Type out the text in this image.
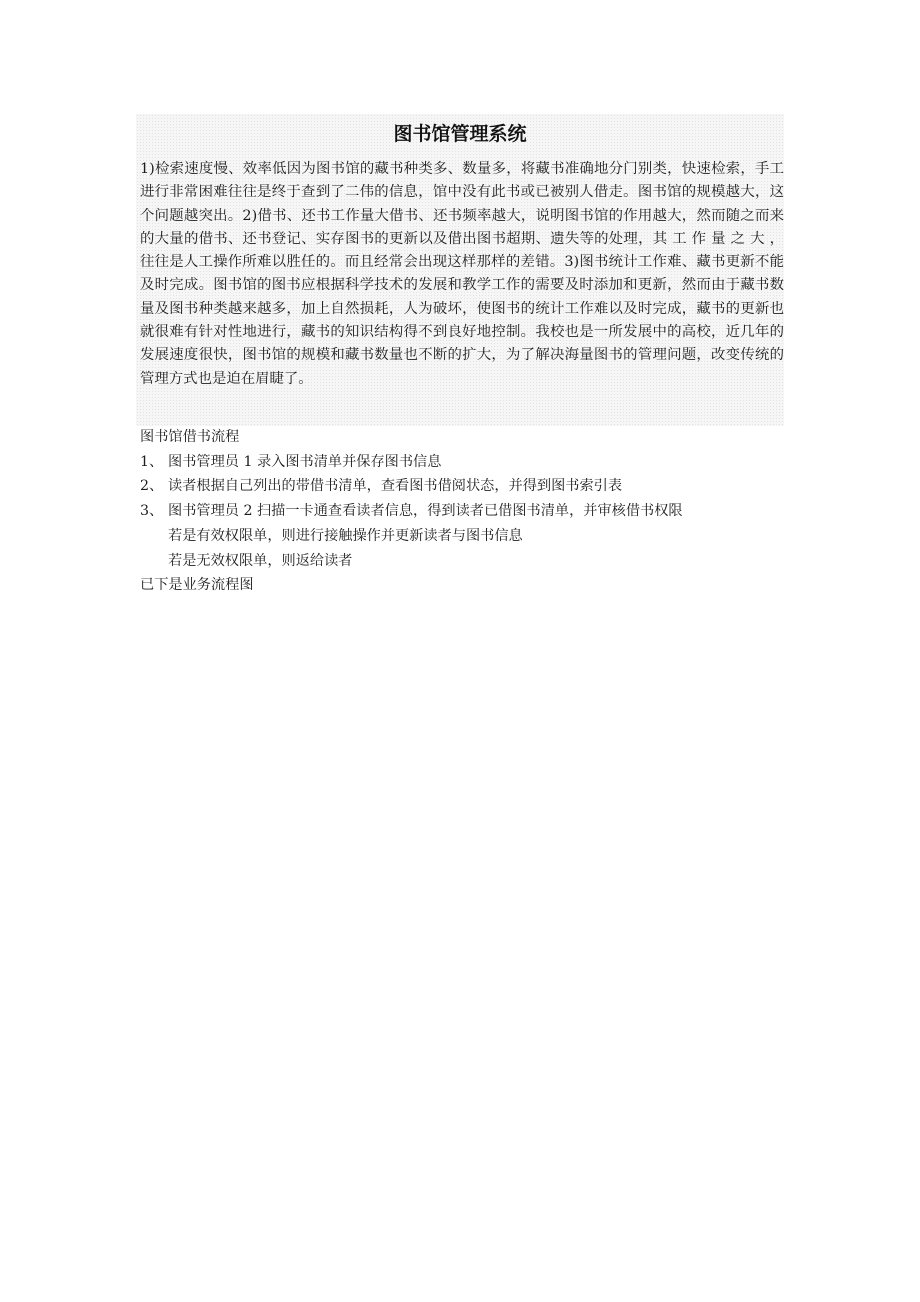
图书馆管理系统

1)检索速度慢、效率低因为图书馆的藏书种类多、数量多，将藏书准确地分门别类，快速检索，手工进行非常困难往往是终于查到了二伟的信息，馆中没有此书或已被别人借走。图书馆的规模越大，这个问题越突出。2)借书、还书工作量大借书、还书频率越大，说明图书馆的作用越大，然而随之而来的大量的借书、还书登记、实存图书的更新以及借出图书超期、遗失等的处理，其 工 作 量 之 大 ， 往往是人工操作所难以胜任的。而且经常会出现这样那样的差错。3)图书统计工作难、藏书更新不能及时完成。图书馆的图书应根据科学技术的发展和教学工作的需要及时添加和更新，然而由于藏书数量及图书种类越来越多，加上自然损耗，人为破坏，使图书的统计工作难以及时完成，藏书的更新也就很难有针对性地进行，藏书的知识结构得不到良好地控制。我校也是一所发展中的高校，近几年的发展速度很快，图书馆的规模和藏书数量也不断的扩大，为了解决海量图书的管理问题，改变传统的管理方式也是迫在眉睫了。

图书馆借书流程

1、 图书管理员 1 录入图书清单并保存图书信息

2、 读者根据自己列出的带借书清单，查看图书借阅状态，并得到图书索引表

3、 图书管理员 2 扫描一卡通查看读者信息，得到读者已借图书清单，并审核借书权限

若是有效权限单，则进行接触操作并更新读者与图书信息

若是无效权限单，则返给读者

已下是业务流程图
